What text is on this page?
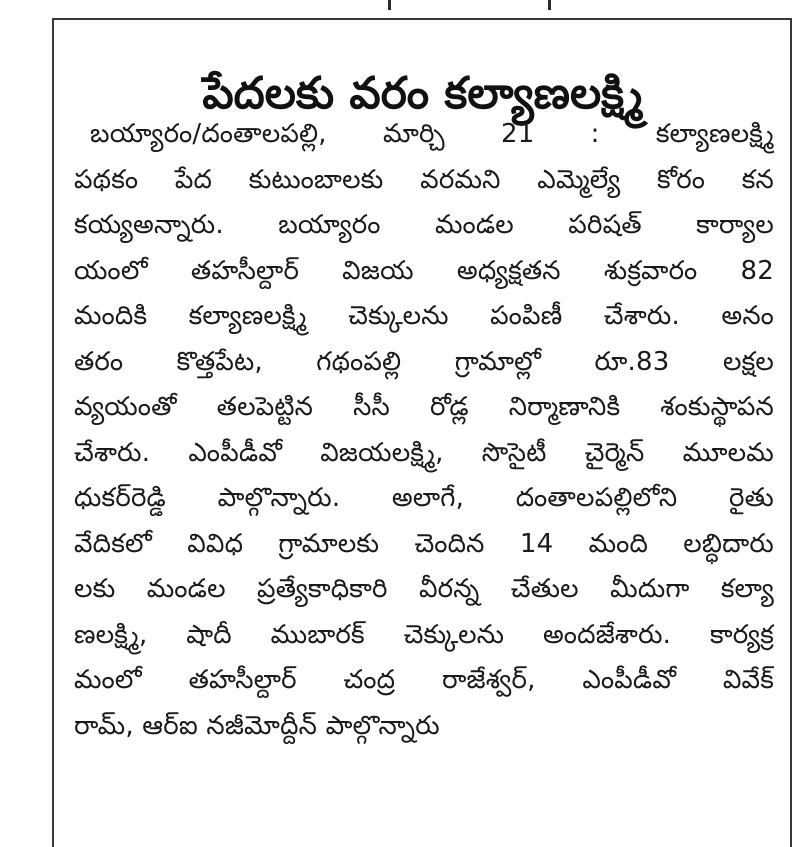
పేదలకు వరం కల్యాణలక్ష్మి
బయ్యారం/దంతాలపల్లి, మార్చి 21 : కల్యాణలక్ష్మి
పథకం పేద కుటుంబాలకు వరమని ఎమ్మెల్యే కోరం కన
కయ్యఅన్నారు. బయ్యారం మండల పరిషత్ కార్యాల
యంలో తహసీల్దార్ విజయ అధ్యక్షతన శుక్రవారం 82
మందికి కల్యాణలక్ష్మి చెక్కులను పంపిణీ చేశారు. అనం
తరం కొత్తపేట, గథంపల్లి గ్రామాల్లో రూ.83 లక్షల
వ్యయంతో తలపెట్టిన సీసీ రోడ్ల నిర్మాణానికి శంకుస్థాపన
చేశారు. ఎంపీడీవో విజయలక్ష్మి, సొసైటీ చైర్మెన్ మూలమ
ధుకర్‌రెడ్డి పాల్గొన్నారు. అలాగే, దంతాలపల్లిలోని రైతు
వేదికలో వివిధ గ్రామాలకు చెందిన 14 మంది లబ్ధిదారు
లకు మండల ప్రత్యేకాధికారి వీరన్న చేతుల మీదుగా కల్యా
ణలక్ష్మి, షాదీ ముబారక్ చెక్కులను అందజేశారు. కార్యక్ర
మంలో తహసీల్దార్ చంద్ర రాజేశ్వర్, ఎంపీడీవో వివేక్
రామ్, ఆర్ఐ నజీమోద్దీన్ పాల్గొన్నారు
